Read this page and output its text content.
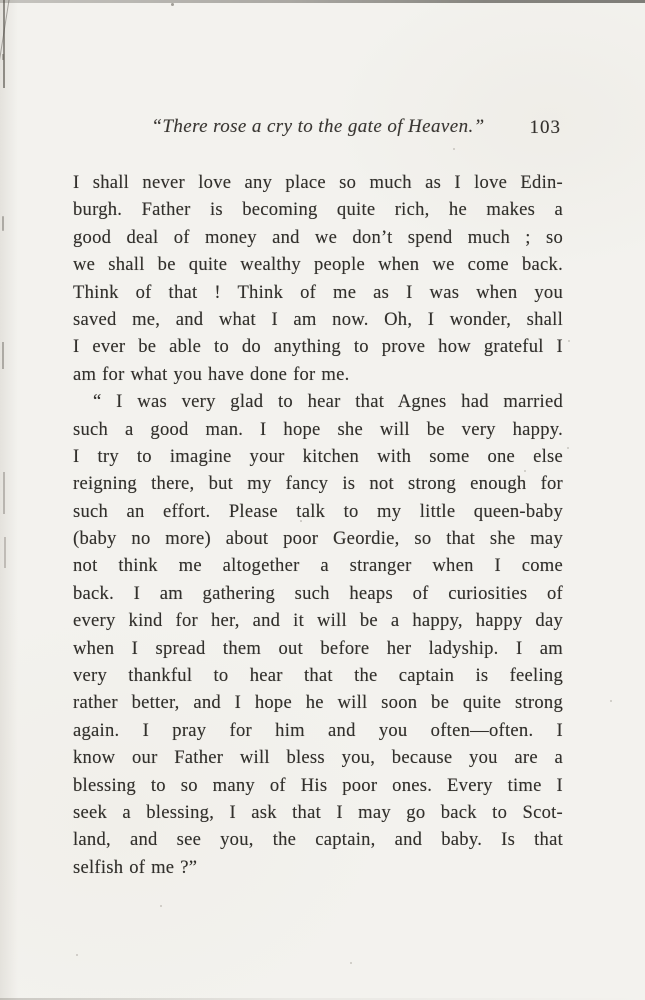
“There rose a cry to the gate of Heaven.”	103
I shall never love any place so much as I love Edin-
burgh. Father is becoming quite rich, he makes a
good deal of money and we don’t spend much ; so
we shall be quite wealthy people when we come back.
Think of that ! Think of me as I was when you
saved me, and what I am now. Oh, I wonder, shall
I ever be able to do anything to prove how grateful I
am for what you have done for me.
“ I was very glad to hear that Agnes had married
such a good man. I hope she will be very happy.
I try to imagine your kitchen with some one else
reigning there, but my fancy is not strong enough for
such an effort. Please talk to my little queen-baby
(baby no more) about poor Geordie, so that she may
not think me altogether a stranger when I come
back. I am gathering such heaps of curiosities of
every kind for her, and it will be a happy, happy day
when I spread them out before her ladyship. I am
very thankful to hear that the captain is feeling
rather better, and I hope he will soon be quite strong
again. I pray for him and you often—often. I
know our Father will bless you, because you are a
blessing to so many of His poor ones. Every time I
seek a blessing, I ask that I may go back to Scot-
land, and see you, the captain, and baby. Is that
selfish of me ?”
